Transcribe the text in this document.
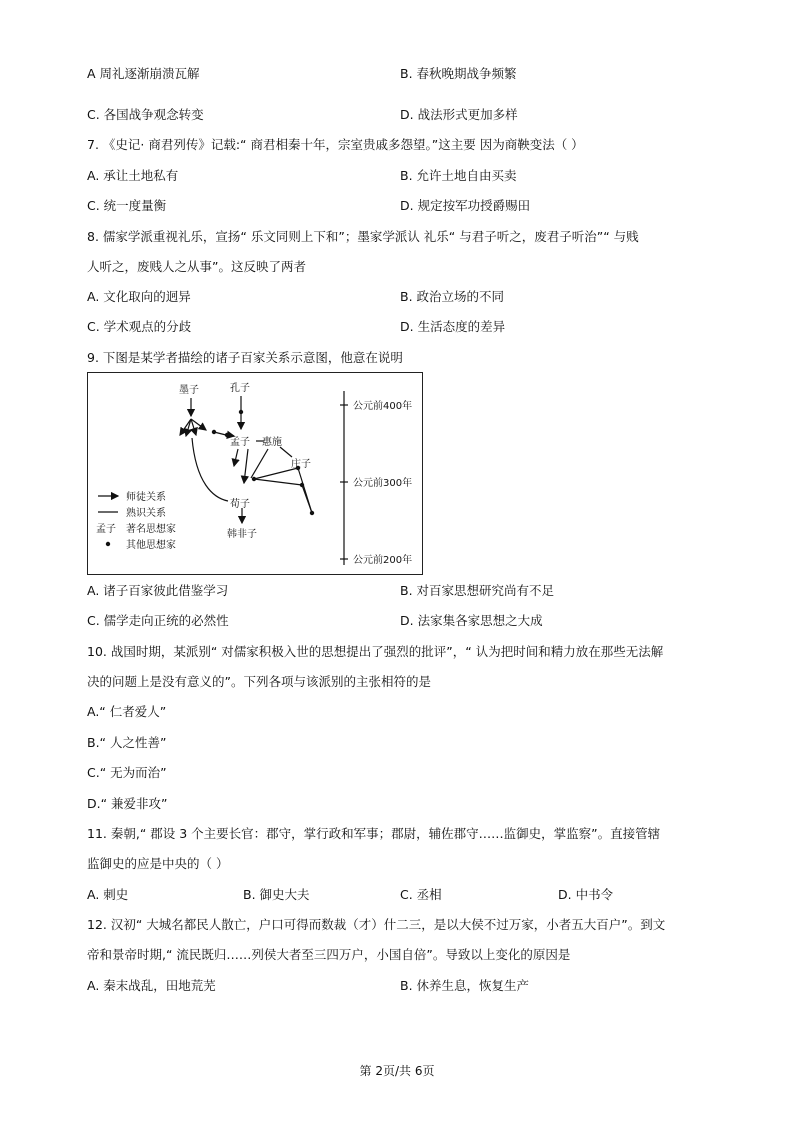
A 周礼逐渐崩溃瓦解	B. 春秋晚期战争频繁
C. 各国战争观念转变	D. 战法形式更加多样
7. 《史记· 商君列传》记载:“ 商君相秦十年，宗室贵戚多怨望。”这主要 因为商鞅变法（ ）
A. 承让土地私有	B. 允许土地自由买卖
C. 统一度量衡	D. 规定按军功授爵赐田
8. 儒家学派重视礼乐，宣扬“ 乐文同则上下和”；墨家学派认 礼乐“ 与君子听之，废君子听治”“ 与贱
人听之，废贱人之从事”。这反映了两者
A. 文化取向的迥异	B. 政治立场的不同
C. 学术观点的分歧	D. 生活态度的差异
9. 下图是某学者描绘的诸子百家关系示意图，他意在说明
墨子	孔子
孟子 惠施
庄子
荀子
韩非子
公元前400年
公元前300年
公元前200年
师徒关系
熟识关系
孟子 著名思想家
其他思想家
A. 诸子百家彼此借鉴学习	B. 对百家思想研究尚有不足
C. 儒学走向正统的必然性	D. 法家集各家思想之大成
10. 战国时期，某派别“ 对儒家积极入世的思想提出了强烈的批评”，“ 认为把时间和精力放在那些无法解
决的问题上是没有意义的”。下列各项与该派别的主张相符的是
A.“ 仁者爱人”
B.“ 人之性善”
C.“ 无为而治”
D.“ 兼爱非攻”
11. 秦朝,“ 郡设 3 个主要长官：郡守，掌行政和军事；郡尉，辅佐郡守……监御史，掌监察”。直接管辖
监御史的应是中央的（ ）
A. 刺史	B. 御史大夫	C. 丞相	D. 中书令
12. 汉初“ 大城名都民人散亡，户口可得而数裁（才）什二三，是以大侯不过万家，小者五大百户”。到文
帝和景帝时期,“ 流民既归……列侯大者至三四万户，小国自倍”。导致以上变化的原因是
A. 秦末战乱，田地荒芜	B. 休养生息，恢复生产
第 2页/共 6页
